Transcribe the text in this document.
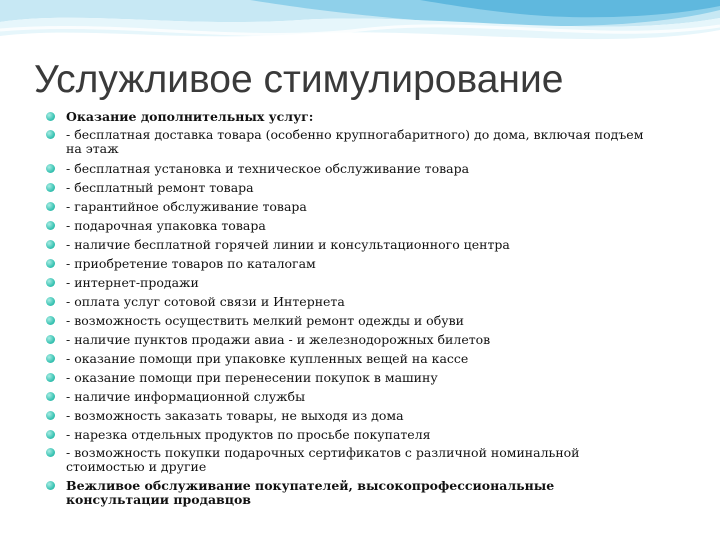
Услужливое стимулирование
Оказание дополнительных услуг:
- бесплатная доставка товара (особенно крупногабаритного) до дома, включая подъем на этаж
- бесплатная установка и техническое обслуживание товара
- бесплатный ремонт товара
- гарантийное обслуживание товара
- подарочная упаковка товара
- наличие бесплатной горячей линии и консультационного центра
- приобретение товаров по каталогам
- интернет-продажи
- оплата услуг сотовой связи и Интернета
- возможность осуществить мелкий ремонт одежды и обуви
- наличие пунктов продажи авиа - и железнодорожных билетов
- оказание помощи при упаковке купленных вещей на кассе
- оказание помощи при перенесении покупок в машину
- наличие информационной службы
- возможность заказать товары, не выходя из дома
- нарезка отдельных продуктов по просьбе покупателя
- возможность покупки подарочных сертификатов с различной номинальной стоимостью и другие
Вежливое обслуживание покупателей, высокопрофессиональные консультации продавцов
